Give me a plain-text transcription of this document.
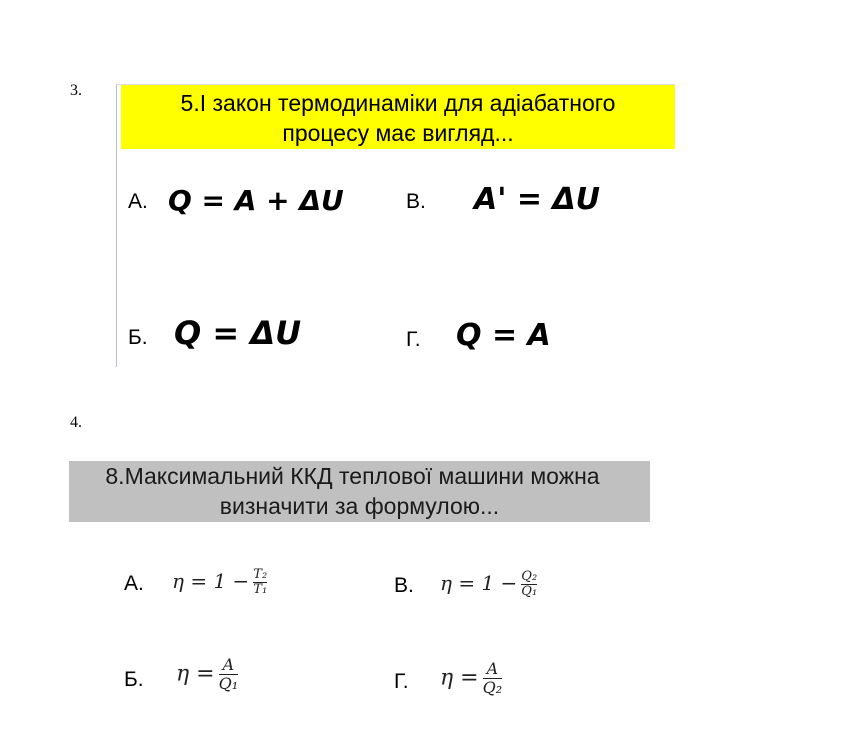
3.	5.І закон термодинаміки для адіабатного
процесу має вигляд...
А. Q = A + ΔU	В. A' = ΔU
Б. Q = ΔU	Г. Q = A
4.
8.Максимальний ККД теплової машини можна
визначити за формулою...
А. $\eta = 1 - \frac{\text{T₂}}{\text{T₁}}$	В. $\eta = 1 - \frac{\text{Q₂}}{\text{Q₁}}$
Б. $\eta = \frac{A}{\text{Q₁}}$	Г. $\eta = \frac{A}{\text{Q₂}}$
